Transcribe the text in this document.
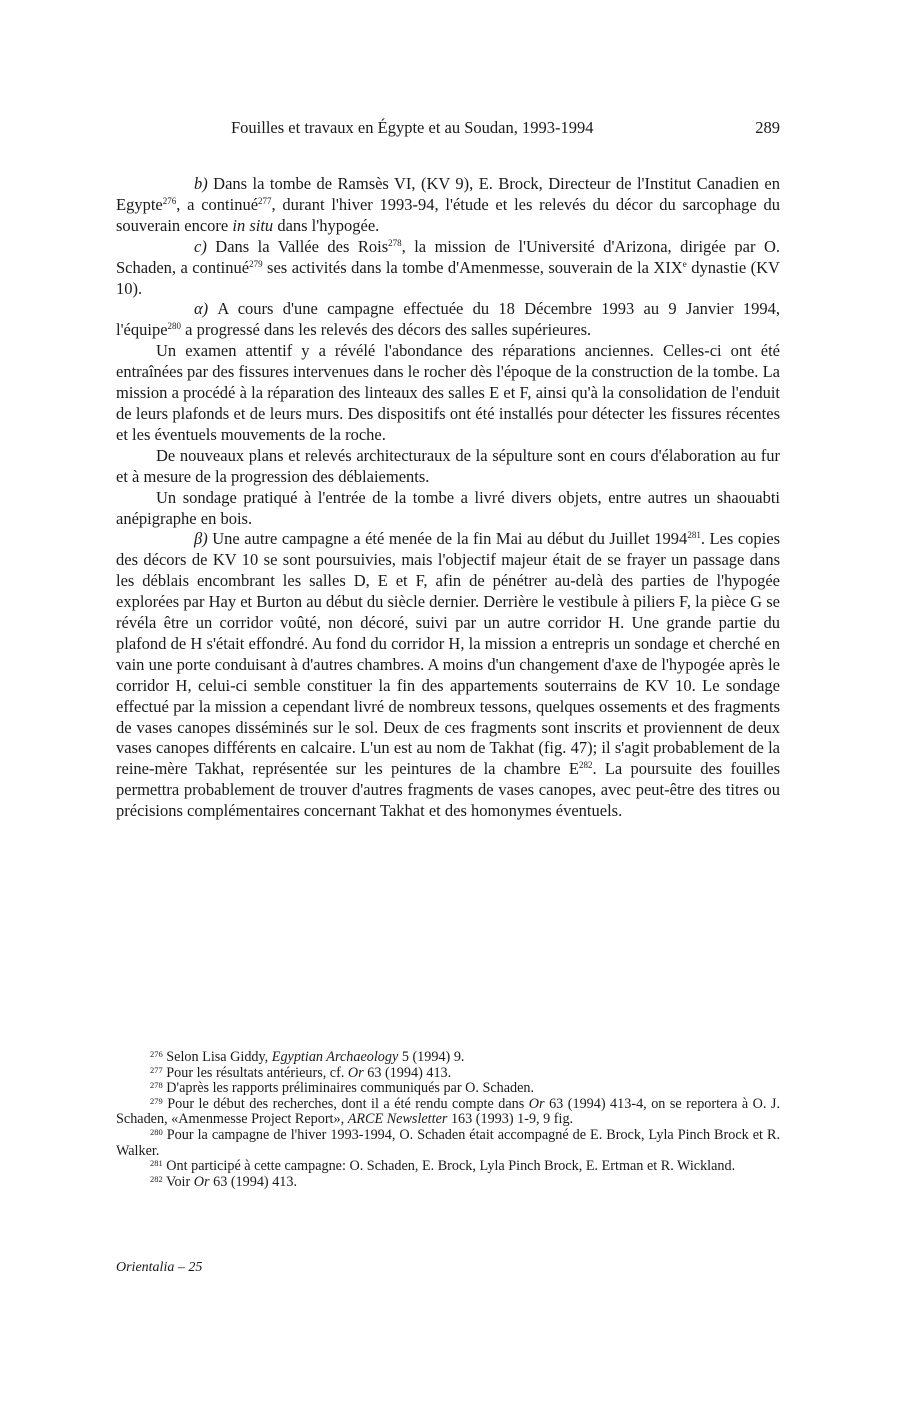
Fouilles et travaux en Égypte et au Soudan, 1993-1994	289

b) Dans la tombe de Ramsès VI, (KV 9), E. Brock, Directeur de l'Institut Canadien en Egypte$^{276}$, a continué$^{277}$, durant l'hiver 1993-94, l'étude et les relevés du décor du sarcophage du souverain encore in situ dans l'hypogée.

c) Dans la Vallée des Rois$^{278}$, la mission de l'Université d'Arizona, dirigée par O. Schaden, a continué$^{279}$ ses activités dans la tombe d'Amenmesse, souverain de la XIXe dynastie (KV 10).

α) A cours d'une campagne effectuée du 18 Décembre 1993 au 9 Janvier 1994, l'équipe$^{280}$ a progressé dans les relevés des décors des salles supérieures.

Un examen attentif y a révélé l'abondance des réparations anciennes. Celles-ci ont été entraînées par des fissures intervenues dans le rocher dès l'époque de la construction de la tombe. La mission a procédé à la réparation des linteaux des salles E et F, ainsi qu'à la consolidation de l'enduit de leurs plafonds et de leurs murs. Des dispositifs ont été installés pour détecter les fissures récentes et les éventuels mouvements de la roche.

De nouveaux plans et relevés architecturaux de la sépulture sont en cours d'élaboration au fur et à mesure de la progression des déblaiements.

Un sondage pratiqué à l'entrée de la tombe a livré divers objets, entre autres un shaouabti anépigraphe en bois.

β) Une autre campagne a été menée de la fin Mai au début du Juillet 1994$^{281}$. Les copies des décors de KV 10 se sont poursuivies, mais l'objectif majeur était de se frayer un passage dans les déblais encombrant les salles D, E et F, afin de pénétrer au-delà des parties de l'hypogée explorées par Hay et Burton au début du siècle dernier. Derrière le vestibule à piliers F, la pièce G se révéla être un corridor voûté, non décoré, suivi par un autre corridor H. Une grande partie du plafond de H s'était effondré. Au fond du corridor H, la mission a entrepris un sondage et cherché en vain une porte conduisant à d'autres chambres. A moins d'un changement d'axe de l'hypogée après le corridor H, celui-ci semble constituer la fin des appartements souterrains de KV 10. Le sondage effectué par la mission a cependant livré de nombreux tessons, quelques ossements et des fragments de vases canopes disséminés sur le sol. Deux de ces fragments sont inscrits et proviennent de deux vases canopes différents en calcaire. L'un est au nom de Takhat (fig. 47); il s'agit probablement de la reine-mère Takhat, représentée sur les peintures de la chambre $E^{282}$. La poursuite des fouilles permettra probablement de trouver d'autres fragments de vases canopes, avec peut-être des titres ou précisions complémentaires concernant Takhat et des homonymes éventuels.

$^{276}$ Selon Lisa Giddy, Egyptian Archaeology 5 (1994) 9.

$^{277}$ Pour les résultats antérieurs, cf. Or 63 (1994) 413.

$^{278}$ D'après les rapports préliminaires communiqués par O. Schaden.

$^{279}$ Pour le début des recherches, dont il a été rendu compte dans Or 63 (1994) 413-4, on se reportera à O. J. Schaden, «Amenmesse Project Report», ARCE Newsletter 163 (1993) 1-9, 9 fig.

$^{280}$ Pour la campagne de l'hiver 1993-1994, O. Schaden était accompagné de E. Brock, Lyla Pinch Brock et R. Walker.

$^{281}$ Ont participé à cette campagne: O. Schaden, E. Brock, Lyla Pinch Brock, E. Ertman et R. Wickland.

$^{282}$ Voir Or 63 (1994) 413.

Orientalia – 25
